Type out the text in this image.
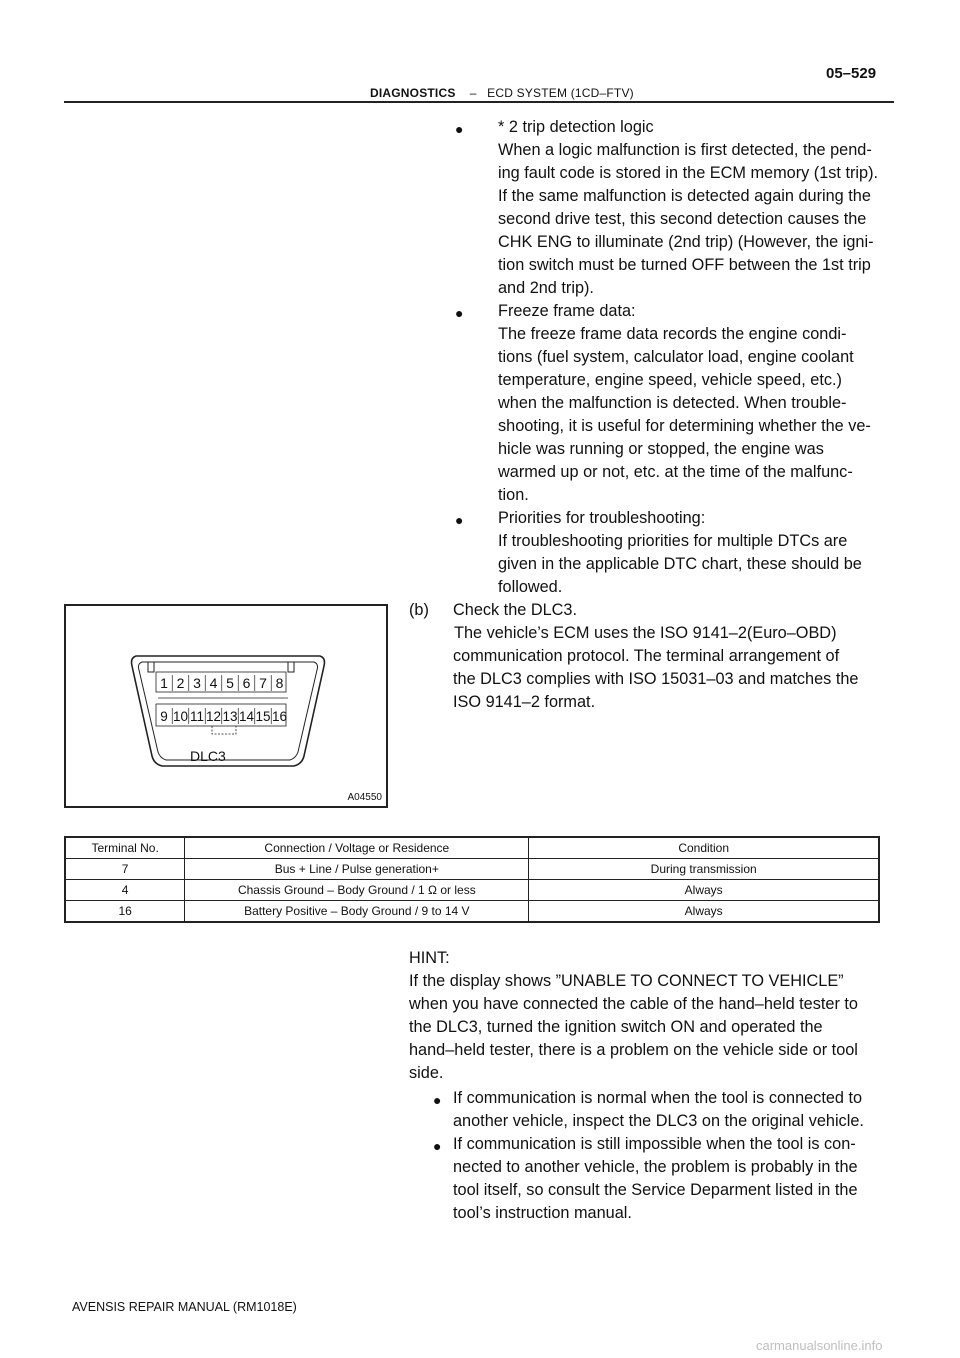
DIAGNOSTICS – ECD SYSTEM (1CD–FTV)
05–529
● * 2 trip detection logic
When a logic malfunction is first detected, the pend-
ing fault code is stored in the ECM memory (1st trip).
If the same malfunction is detected again during the
second drive test, this second detection causes the
CHK ENG to illuminate (2nd trip) (However, the igni-
tion switch must be turned OFF between the 1st trip
and 2nd trip).
● Freeze frame data:
The freeze frame data records the engine condi-
tions (fuel system, calculator load, engine coolant
temperature, engine speed, vehicle speed, etc.)
when the malfunction is detected. When trouble-
shooting, it is useful for determining whether the ve-
hicle was running or stopped, the engine was
warmed up or not, etc. at the time of the malfunc-
tion.
● Priorities for troubleshooting:
If troubleshooting priorities for multiple DTCs are
given in the applicable DTC chart, these should be
followed.
(b) Check the DLC3.
The vehicle’s ECM uses the ISO 9141–2(Euro–OBD)
communication protocol. The terminal arrangement of
the DLC3 complies with ISO 15031–03 and matches the
ISO 9141–2 format.
1 2 3 4 5 6 7 8
9 10 11 12 13 14 15 16
DLC3
A04550
Terminal No.	Connection / Voltage or Residence	Condition
7	Bus + Line / Pulse generation+	During transmission
4	Chassis Ground – Body Ground / 1 Ω or less	Always
16	Battery Positive – Body Ground / 9 to 14 V	Always
HINT:
If the display shows ”UNABLE TO CONNECT TO VEHICLE”
when you have connected the cable of the hand–held tester to
the DLC3, turned the ignition switch ON and operated the
hand–held tester, there is a problem on the vehicle side or tool
side.
● If communication is normal when the tool is connected to
another vehicle, inspect the DLC3 on the original vehicle.
● If communication is still impossible when the tool is con-
nected to another vehicle, the problem is probably in the
tool itself, so consult the Service Deparment listed in the
tool’s instruction manual.
AVENSIS REPAIR MANUAL (RM1018E)
carmanualsonline.info
